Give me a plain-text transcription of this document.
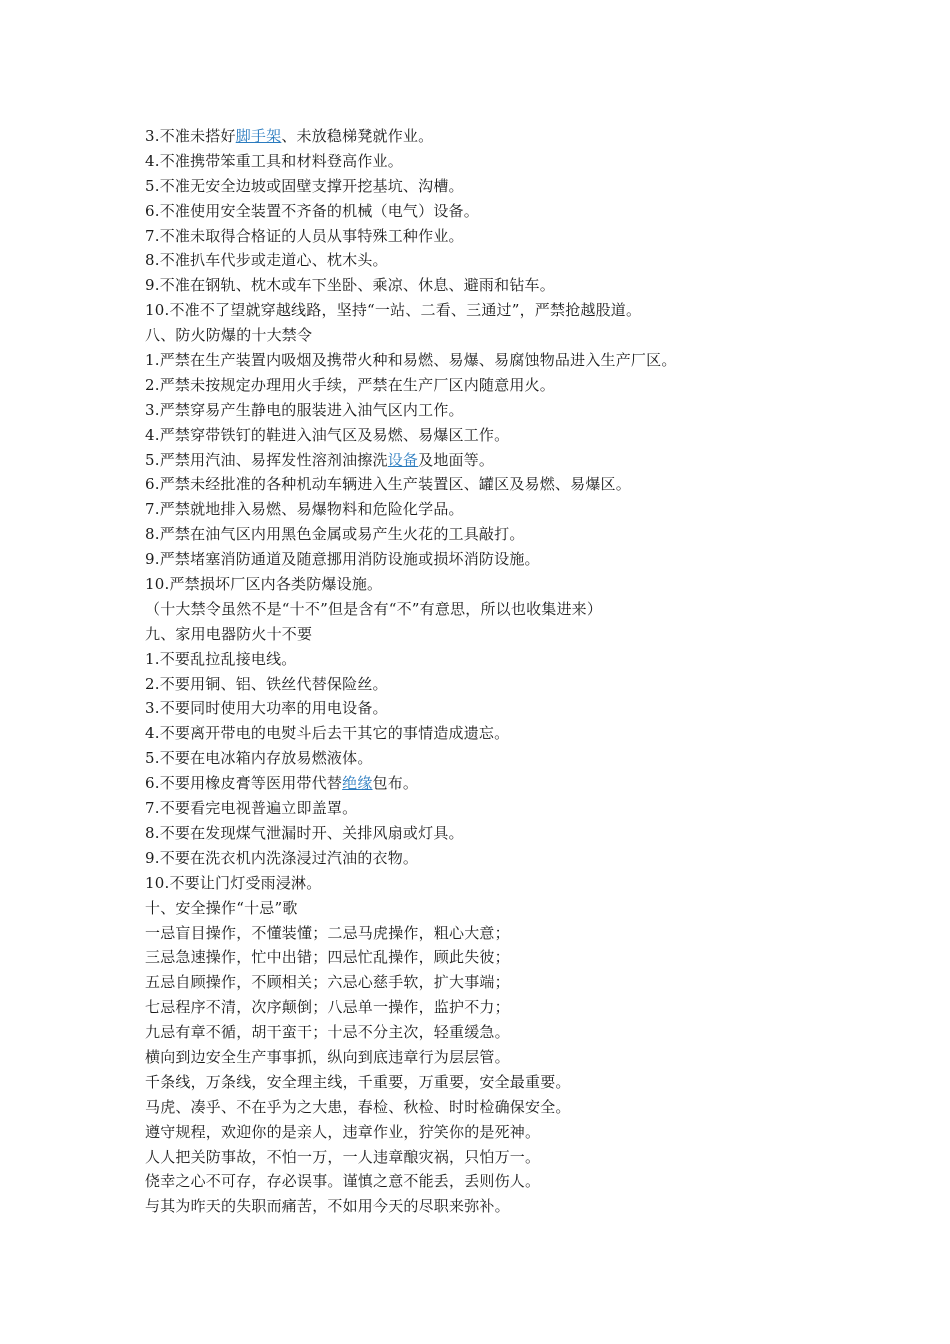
3.不准未搭好脚手架、未放稳梯凳就作业。
4.不准携带笨重工具和材料登高作业。
5.不准无安全边坡或固壁支撑开挖基坑、沟槽。
6.不准使用安全装置不齐备的机械（电气）设备。
7.不准未取得合格证的人员从事特殊工种作业。
8.不准扒车代步或走道心、枕木头。
9.不准在钢轨、枕木或车下坐卧、乘凉、休息、避雨和钻车。
10.不准不了望就穿越线路，坚持“一站、二看、三通过”，严禁抢越股道。
八、防火防爆的十大禁令
1.严禁在生产装置内吸烟及携带火种和易燃、易爆、易腐蚀物品进入生产厂区。
2.严禁未按规定办理用火手续，严禁在生产厂区内随意用火。
3.严禁穿易产生静电的服装进入油气区内工作。
4.严禁穿带铁钉的鞋进入油气区及易燃、易爆区工作。
5.严禁用汽油、易挥发性溶剂油擦洗设备及地面等。
6.严禁未经批准的各种机动车辆进入生产装置区、罐区及易燃、易爆区。
7.严禁就地排入易燃、易爆物料和危险化学品。
8.严禁在油气区内用黑色金属或易产生火花的工具敲打。
9.严禁堵塞消防通道及随意挪用消防设施或损坏消防设施。
10.严禁损坏厂区内各类防爆设施。
（十大禁令虽然不是“十不”但是含有“不”有意思，所以也收集进来）
九、家用电器防火十不要
1.不要乱拉乱接电线。
2.不要用铜、铝、铁丝代替保险丝。
3.不要同时使用大功率的用电设备。
4.不要离开带电的电熨斗后去干其它的事情造成遗忘。
5.不要在电冰箱内存放易燃液体。
6.不要用橡皮膏等医用带代替绝缘包布。
7.不要看完电视普遍立即盖罩。
8.不要在发现煤气泄漏时开、关排风扇或灯具。
9.不要在洗衣机内洗涤浸过汽油的衣物。
10.不要让门灯受雨浸淋。
十、安全操作“十忌”歌
一忌盲目操作，不懂装懂；二忌马虎操作，粗心大意；
三忌急速操作，忙中出错；四忌忙乱操作，顾此失彼；
五忌自顾操作，不顾相关；六忌心慈手软，扩大事端；
七忌程序不清，次序颠倒；八忌单一操作，监护不力；
九忌有章不循，胡干蛮干；十忌不分主次，轻重缓急。
横向到边安全生产事事抓，纵向到底违章行为层层管。
千条线，万条线，安全理主线，千重要，万重要，安全最重要。
马虎、凑乎、不在乎为之大患，春检、秋检、时时检确保安全。
遵守规程，欢迎你的是亲人，违章作业，狞笑你的是死神。
人人把关防事故，不怕一万，一人违章酿灾祸，只怕万一。
侥幸之心不可存，存必误事。谨慎之意不能丢，丢则伤人。
与其为昨天的失职而痛苦，不如用今天的尽职来弥补。
